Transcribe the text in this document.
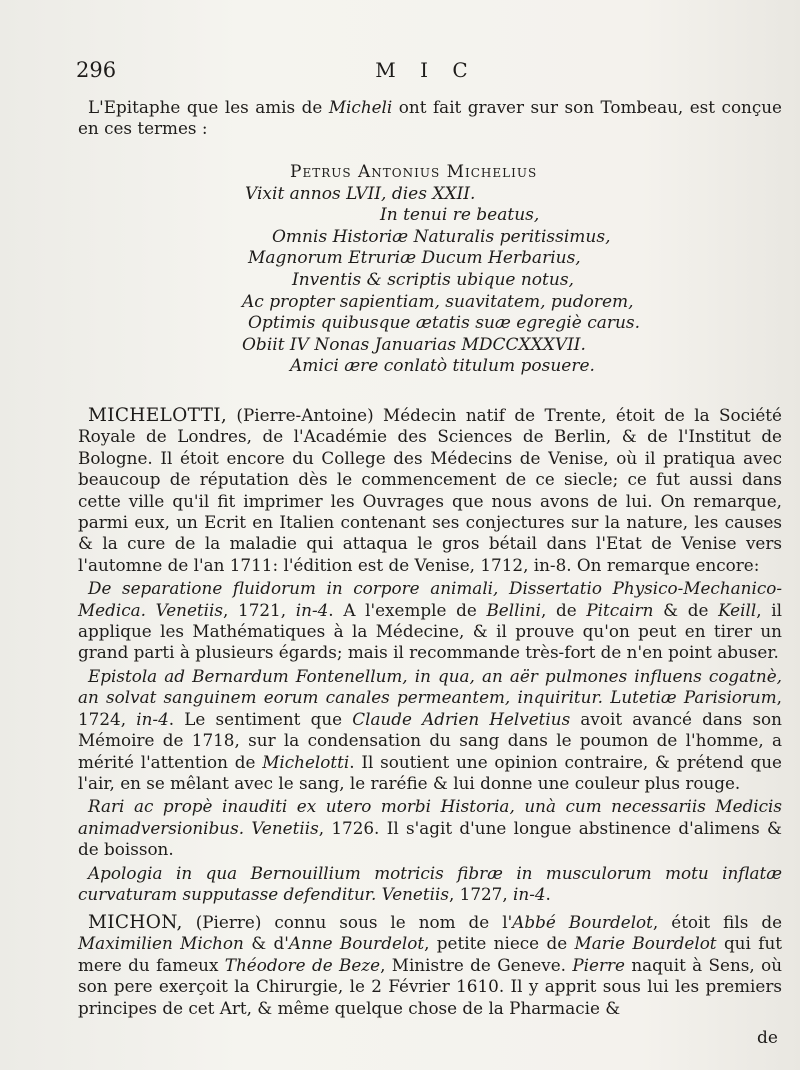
296	M I C

L'Epitaphe que les amis de Micheli ont fait graver sur son Tombeau, est conçue en ces termes :

Petrus Antonius Michelius
Vixit annos LVII, dies XXII.
In tenui re beatus,
Omnis Historiæ Naturalis peritissimus,
Magnorum Etruriæ Ducum Herbarius,
Inventis & scriptis ubique notus,
Ac propter sapientiam, suavitatem, pudorem,
Optimis quibusque ætatis suæ egregiè carus.
Obiit IV Nonas Januarias MDCCXXXVII.
Amici ære conlatò titulum posuere.

MICHELOTTI, (Pierre-Antoine) Médecin natif de Trente, étoit de la Société Royale de Londres, de l'Académie des Sciences de Berlin, & de l'Institut de Bologne. Il étoit encore du College des Médecins de Venise, où il pratiqua avec beaucoup de réputation dès le commencement de ce siecle; ce fut aussi dans cette ville qu'il fit imprimer les Ouvrages que nous avons de lui. On remarque, parmi eux, un Ecrit en Italien contenant ses conjectures sur la nature, les causes & la cure de la maladie qui attaqua le gros bétail dans l'Etat de Venise vers l'automne de l'an 1711: l'édition est de Venise, 1712, in-8. On remarque encore:

De separatione fluidorum in corpore animali, Dissertatio Physico-Mechanico-Medica. Venetiis, 1721, in-4. A l'exemple de Bellini, de Pitcairn & de Keill, il applique les Mathématiques à la Médecine, & il prouve qu'on peut en tirer un grand parti à plusieurs égards; mais il recommande très-fort de n'en point abuser.

Epistola ad Bernardum Fontenellum, in qua, an aër pulmones influens cogatnè, an solvat sanguinem eorum canales permeantem, inquiritur. Lutetiæ Parisiorum, 1724, in-4. Le sentiment que Claude Adrien Helvetius avoit avancé dans son Mémoire de 1718, sur la condensation du sang dans le poumon de l'homme, a mérité l'attention de Michelotti. Il soutient une opinion contraire, & prétend que l'air, en se mêlant avec le sang, le raréfie & lui donne une couleur plus rouge.

Rari ac propè inauditi ex utero morbi Historia, unà cum necessariis Medicis animadversionibus. Venetiis, 1726. Il s'agit d'une longue abstinence d'alimens & de boisson.

Apologia in qua Bernouillium motricis fibræ in musculorum motu inflatæ curvaturam supputasse defenditur. Venetiis, 1727, in-4.

MICHON, (Pierre) connu sous le nom de l'Abbé Bourdelot, étoit fils de Maximilien Michon & d'Anne Bourdelot, petite niece de Marie Bourdelot qui fut mere du fameux Théodore de Beze, Ministre de Geneve. Pierre naquit à Sens, où son pere exerçoit la Chirurgie, le 2 Février 1610. Il y apprit sous lui les premiers principes de cet Art, & même quelque chose de la Pharmacie &

de
